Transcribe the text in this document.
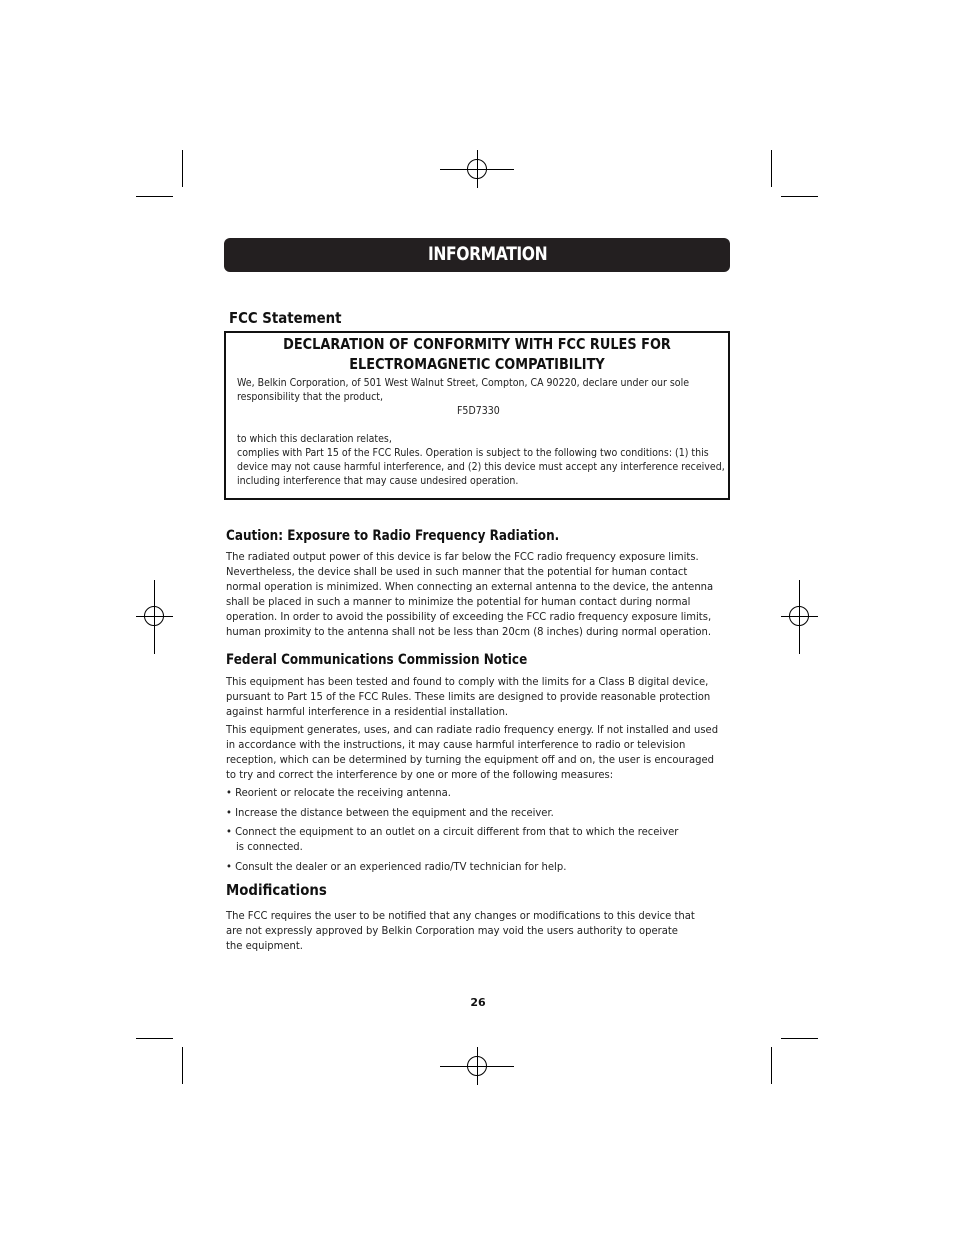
INFORMATION
FCC Statement
DECLARATION OF CONFORMITY WITH FCC RULES FOR
ELECTROMAGNETIC COMPATIBILITY
We, Belkin Corporation, of 501 West Walnut Street, Compton, CA 90220, declare under our sole
responsibility that the product,
F5D7330
to which this declaration relates,
complies with Part 15 of the FCC Rules. Operation is subject to the following two conditions: (1) this
device may not cause harmful interference, and (2) this device must accept any interference received,
including interference that may cause undesired operation.
Caution: Exposure to Radio Frequency Radiation.
The radiated output power of this device is far below the FCC radio frequency exposure limits.
Nevertheless, the device shall be used in such manner that the potential for human contact
normal operation is minimized. When connecting an external antenna to the device, the antenna
shall be placed in such a manner to minimize the potential for human contact during normal
operation. In order to avoid the possibility of exceeding the FCC radio frequency exposure limits,
human proximity to the antenna shall not be less than 20cm (8 inches) during normal operation.
Federal Communications Commission Notice
This equipment has been tested and found to comply with the limits for a Class B digital device,
pursuant to Part 15 of the FCC Rules. These limits are designed to provide reasonable protection
against harmful interference in a residential installation.
This equipment generates, uses, and can radiate radio frequency energy. If not installed and used
in accordance with the instructions, it may cause harmful interference to radio or television
reception, which can be determined by turning the equipment off and on, the user is encouraged
to try and correct the interference by one or more of the following measures:
• Reorient or relocate the receiving antenna.
• Increase the distance between the equipment and the receiver.
• Connect the equipment to an outlet on a circuit different from that to which the receiver
is connected.
• Consult the dealer or an experienced radio/TV technician for help.
Modifications
The FCC requires the user to be notified that any changes or modifications to this device that
are not expressly approved by Belkin Corporation may void the users authority to operate
the equipment.
26
